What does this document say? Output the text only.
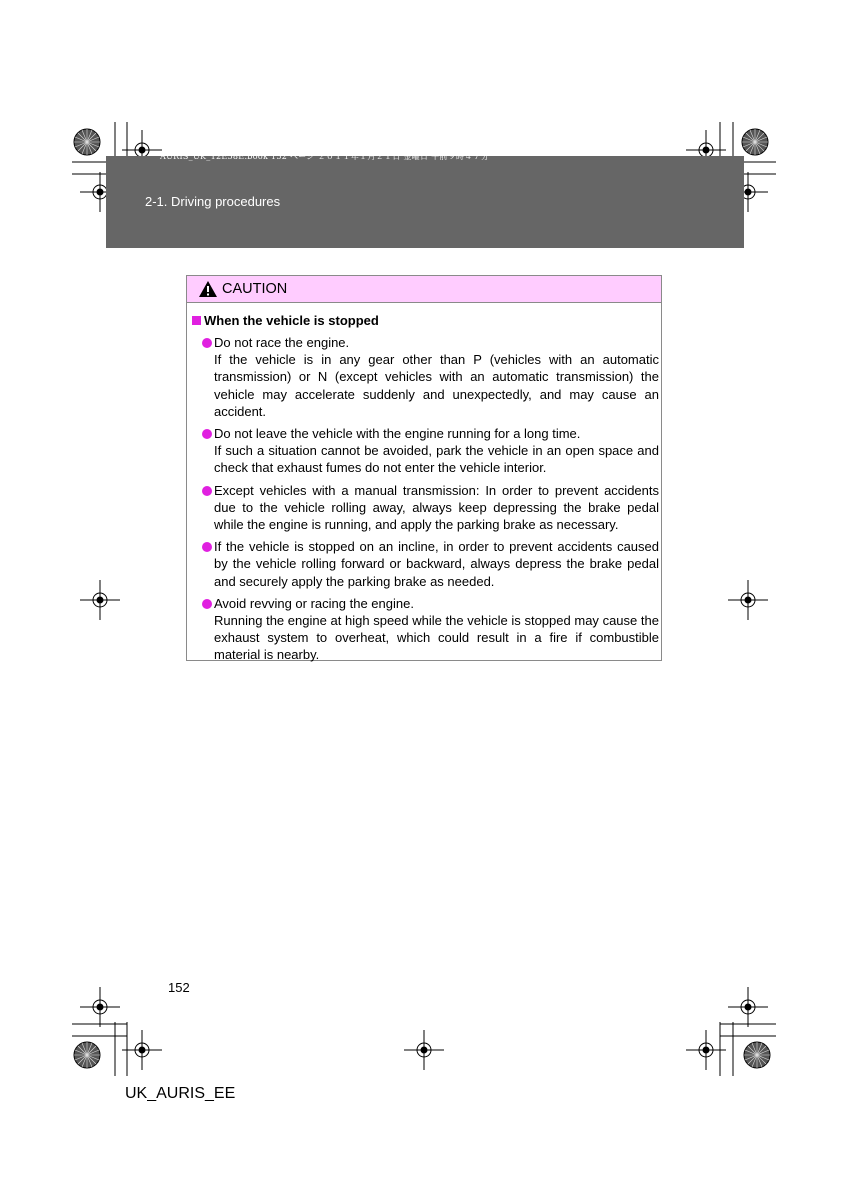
AURIS_UK_12E58E.book 152 ページ ２０１１年１月２１日 金曜日 午前９時４７分
2-1. Driving procedures
CAUTION
When the vehicle is stopped

Do not race the engine.

If the vehicle is in any gear other than P (vehicles with an automatic transmission) or N (except vehicles with an automatic transmission) the vehicle may accelerate suddenly and unexpectedly, and may cause an accident.

Do not leave the vehicle with the engine running for a long time.

If such a situation cannot be avoided, park the vehicle in an open space and check that exhaust fumes do not enter the vehicle interior.

Except vehicles with a manual transmission: In order to prevent accidents due to the vehicle rolling away, always keep depressing the brake pedal while the engine is running, and apply the parking brake as necessary.

If the vehicle is stopped on an incline, in order to prevent accidents caused by the vehicle rolling forward or backward, always depress the brake pedal and securely apply the parking brake as needed.

Avoid revving or racing the engine.

Running the engine at high speed while the vehicle is stopped may cause the exhaust system to overheat, which could result in a fire if combustible material is nearby.

152
UK_AURIS_EE
